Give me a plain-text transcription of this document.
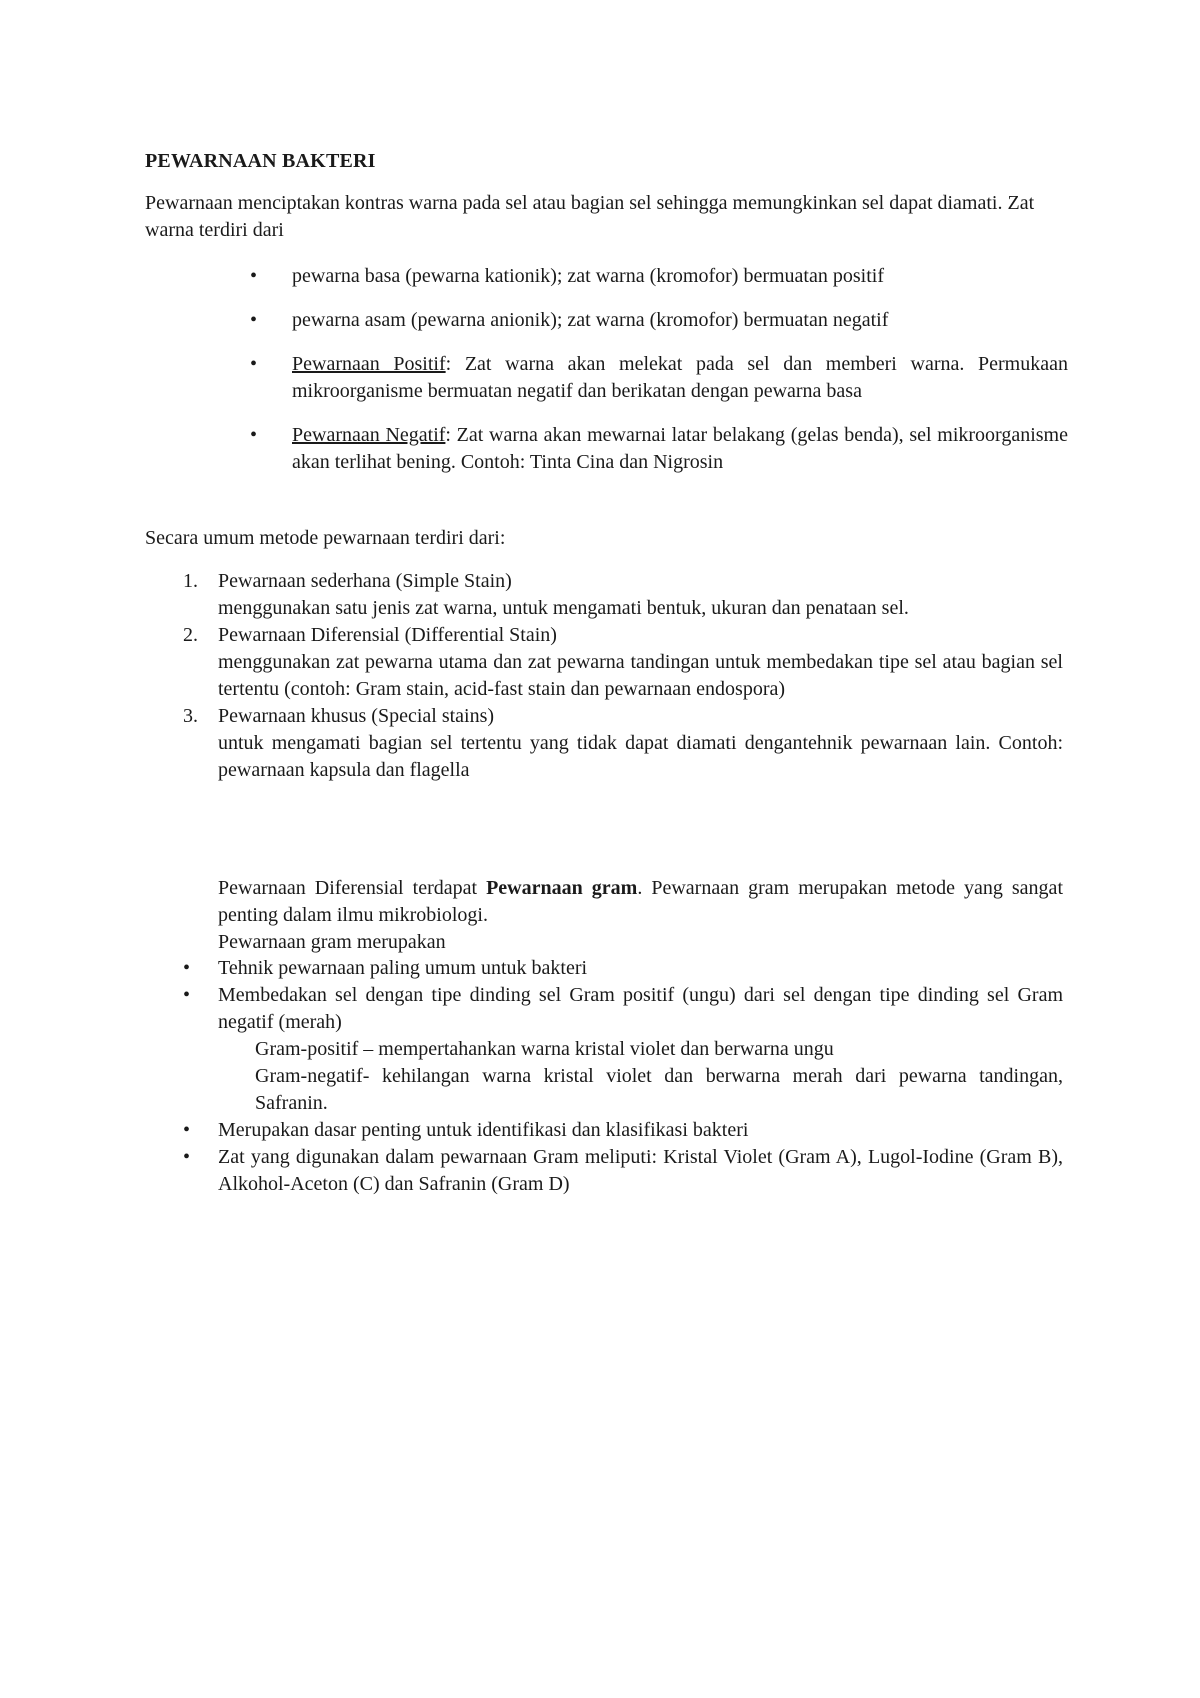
PEWARNAAN BAKTERI
Pewarnaan menciptakan kontras warna pada sel atau bagian sel sehingga memungkinkan sel dapat diamati. Zat warna terdiri dari
• pewarna basa (pewarna kationik); zat warna (kromofor) bermuatan positif
• pewarna asam (pewarna anionik); zat warna (kromofor) bermuatan negatif
• Pewarnaan Positif: Zat warna akan melekat pada sel dan memberi warna. Permukaan mikroorganisme bermuatan negatif dan berikatan dengan pewarna basa
• Pewarnaan Negatif: Zat warna akan mewarnai latar belakang (gelas benda), sel mikroorganisme akan terlihat bening. Contoh: Tinta Cina dan Nigrosin
Secara umum metode pewarnaan terdiri dari:
1. Pewarnaan sederhana (Simple Stain)
menggunakan satu jenis zat warna, untuk mengamati bentuk, ukuran dan penataan sel.
2. Pewarnaan Diferensial (Differential Stain)
menggunakan zat pewarna utama dan zat pewarna tandingan untuk membedakan tipe sel atau bagian sel tertentu (contoh: Gram stain, acid-fast stain dan pewarnaan endospora)
3. Pewarnaan khusus (Special stains)
untuk mengamati bagian sel tertentu yang tidak dapat diamati dengantehnik pewarnaan lain. Contoh: pewarnaan kapsula dan flagella
Pewarnaan Diferensial terdapat Pewarnaan gram. Pewarnaan gram merupakan metode yang sangat penting dalam ilmu mikrobiologi.
Pewarnaan gram merupakan
• Tehnik pewarnaan paling umum untuk bakteri
• Membedakan sel dengan tipe dinding sel Gram positif (ungu) dari sel dengan tipe dinding sel Gram negatif (merah)
Gram-positif – mempertahankan warna kristal violet dan berwarna ungu
Gram-negatif- kehilangan warna kristal violet dan berwarna merah dari pewarna tandingan, Safranin.
• Merupakan dasar penting untuk identifikasi dan klasifikasi bakteri
• Zat yang digunakan dalam pewarnaan Gram meliputi: Kristal Violet (Gram A), Lugol-Iodine (Gram B), Alkohol-Aceton (C) dan Safranin (Gram D)
